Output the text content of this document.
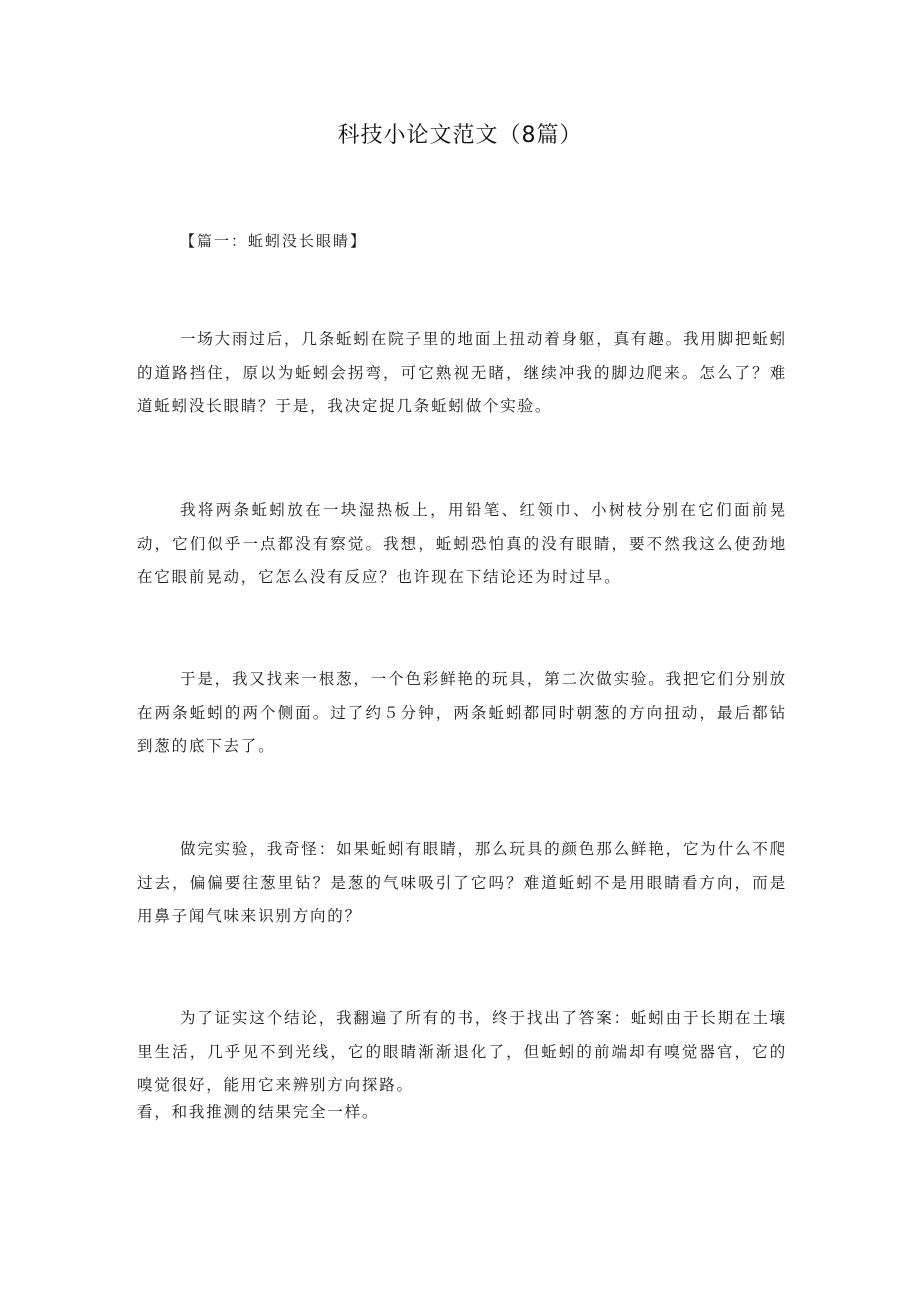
科技小论文范文（8篇）
【篇一：蚯蚓没长眼睛】

一场大雨过后，几条蚯蚓在院子里的地面上扭动着身躯，真有趣。我用脚把蚯蚓的道路挡住，原以为蚯蚓会拐弯，可它熟视无睹，继续冲我的脚边爬来。怎么了？难道蚯蚓没长眼睛？于是，我决定捉几条蚯蚓做个实验。

我将两条蚯蚓放在一块湿热板上，用铅笔、红领巾、小树枝分别在它们面前晃动，它们似乎一点都没有察觉。我想，蚯蚓恐怕真的没有眼睛，要不然我这么使劲地在它眼前晃动，它怎么没有反应？也许现在下结论还为时过早。

于是，我又找来一根葱，一个色彩鲜艳的玩具，第二次做实验。我把它们分别放在两条蚯蚓的两个侧面。过了约５分钟，两条蚯蚓都同时朝葱的方向扭动，最后都钻到葱的底下去了。

做完实验，我奇怪：如果蚯蚓有眼睛，那么玩具的颜色那么鲜艳，它为什么不爬过去，偏偏要往葱里钻？是葱的气味吸引了它吗？难道蚯蚓不是用眼睛看方向，而是用鼻子闻气味来识别方向的？

为了证实这个结论，我翻遍了所有的书，终于找出了答案：蚯蚓由于长期在土壤里生活，几乎见不到光线，它的眼睛渐渐退化了，但蚯蚓的前端却有嗅觉器官，它的嗅觉很好，能用它来辨别方向探路。

看，和我推测的结果完全一样。
